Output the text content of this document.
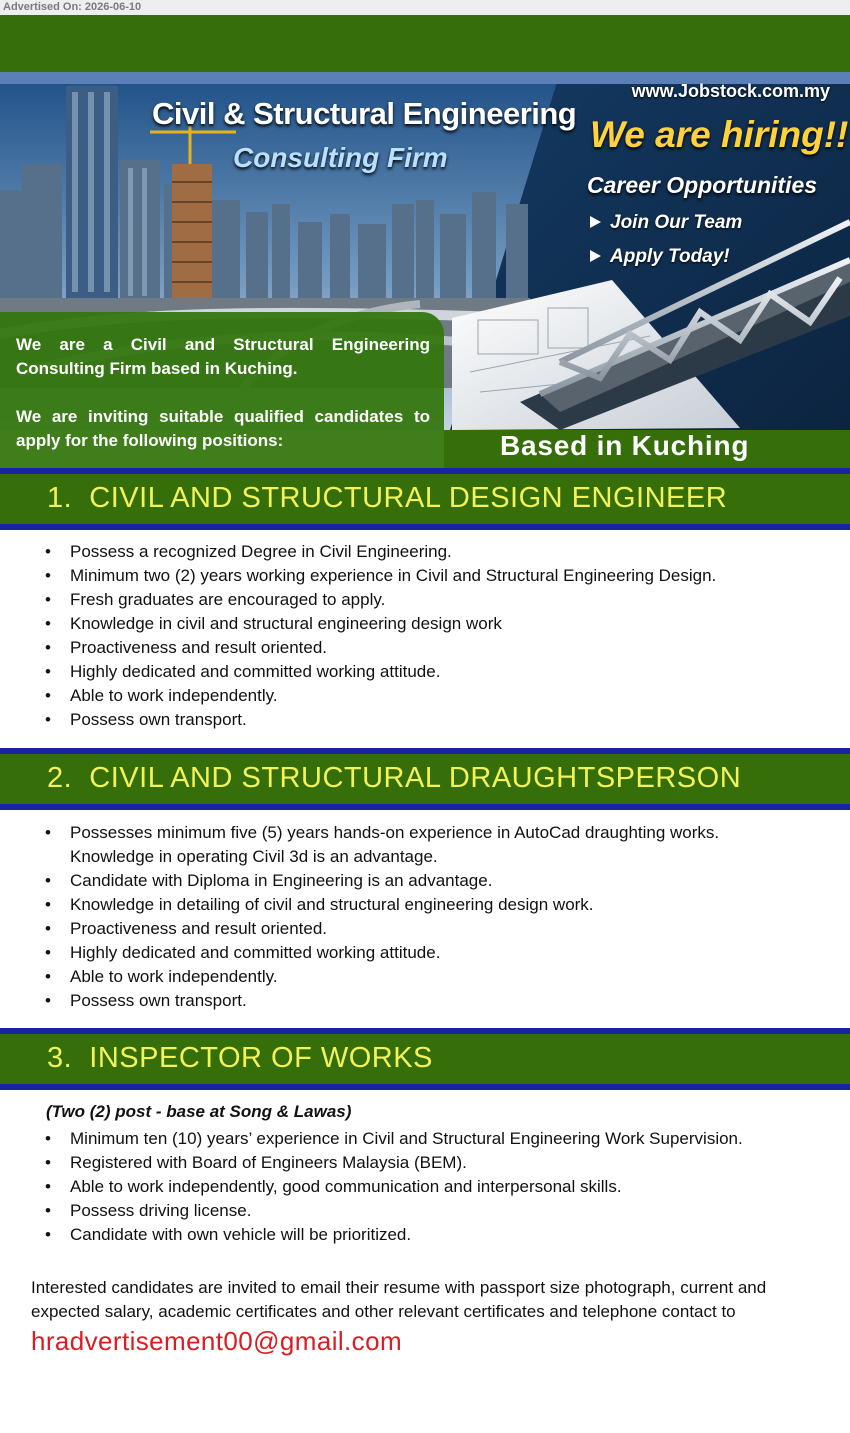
Advertised On: 2026-06-10
www.Jobstock.com.my
Civil & Structural Engineering
Consulting Firm
We are hiring!!
Career Opportunities
Join Our Team
Apply Today!
We are a Civil and Structural Engineering Consulting Firm based in Kuching.
We are inviting suitable qualified candidates to apply for the following positions:	Based in Kuching
1.  CIVIL AND STRUCTURAL DESIGN ENGINEER
• Possess a recognized Degree in Civil Engineering.
• Minimum two (2) years working experience in Civil and Structural Engineering Design.
• Fresh graduates are encouraged to apply.
• Knowledge in civil and structural engineering design work
• Proactiveness and result oriented.
• Highly dedicated and committed working attitude.
• Able to work independently.
• Possess own transport.
2.  CIVIL AND STRUCTURAL DRAUGHTSPERSON
• Possesses minimum five (5) years hands-on experience in AutoCad draughting works.
Knowledge in operating Civil 3d is an advantage.
• Candidate with Diploma in Engineering is an advantage.
• Knowledge in detailing of civil and structural engineering design work.
• Proactiveness and result oriented.
• Highly dedicated and committed working attitude.
• Able to work independently.
• Possess own transport.
3.  INSPECTOR OF WORKS
(Two (2) post - base at Song & Lawas)
• Minimum ten (10) years’ experience in Civil and Structural Engineering Work Supervision.
• Registered with Board of Engineers Malaysia (BEM).
• Able to work independently, good communication and interpersonal skills.
• Possess driving license.
• Candidate with own vehicle will be prioritized.
Interested candidates are invited to email their resume with passport size photograph, current and expected salary, academic certificates and other relevant certificates and telephone contact to
hradvertisement00@gmail.com
